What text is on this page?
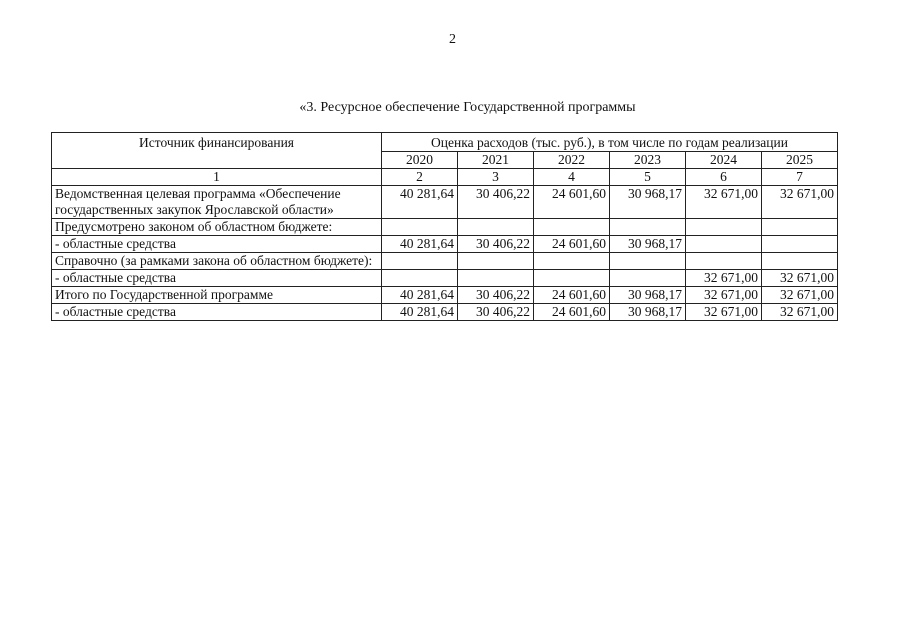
2
«3. Ресурсное обеспечение Государственной программы
Источник финансирования	Оценка расходов (тыс. руб.), в том числе по годам реализации					
	2020	2021	2022	2023	2024	2025
1	2	3	4	5	6	7
Ведомственная целевая программа «Обеспечение государственных закупок Ярославской области»	40 281,64	30 406,22	24 601,60	30 968,17	32 671,00	32 671,00
Предусмотрено законом об областном бюджете:						
- областные средства	40 281,64	30 406,22	24 601,60	30 968,17		
Справочно (за рамками закона об областном бюджете):						
- областные средства					32 671,00	32 671,00
Итого по Государственной программе	40 281,64	30 406,22	24 601,60	30 968,17	32 671,00	32 671,00
- областные средства	40 281,64	30 406,22	24 601,60	30 968,17	32 671,00	32 671,00
